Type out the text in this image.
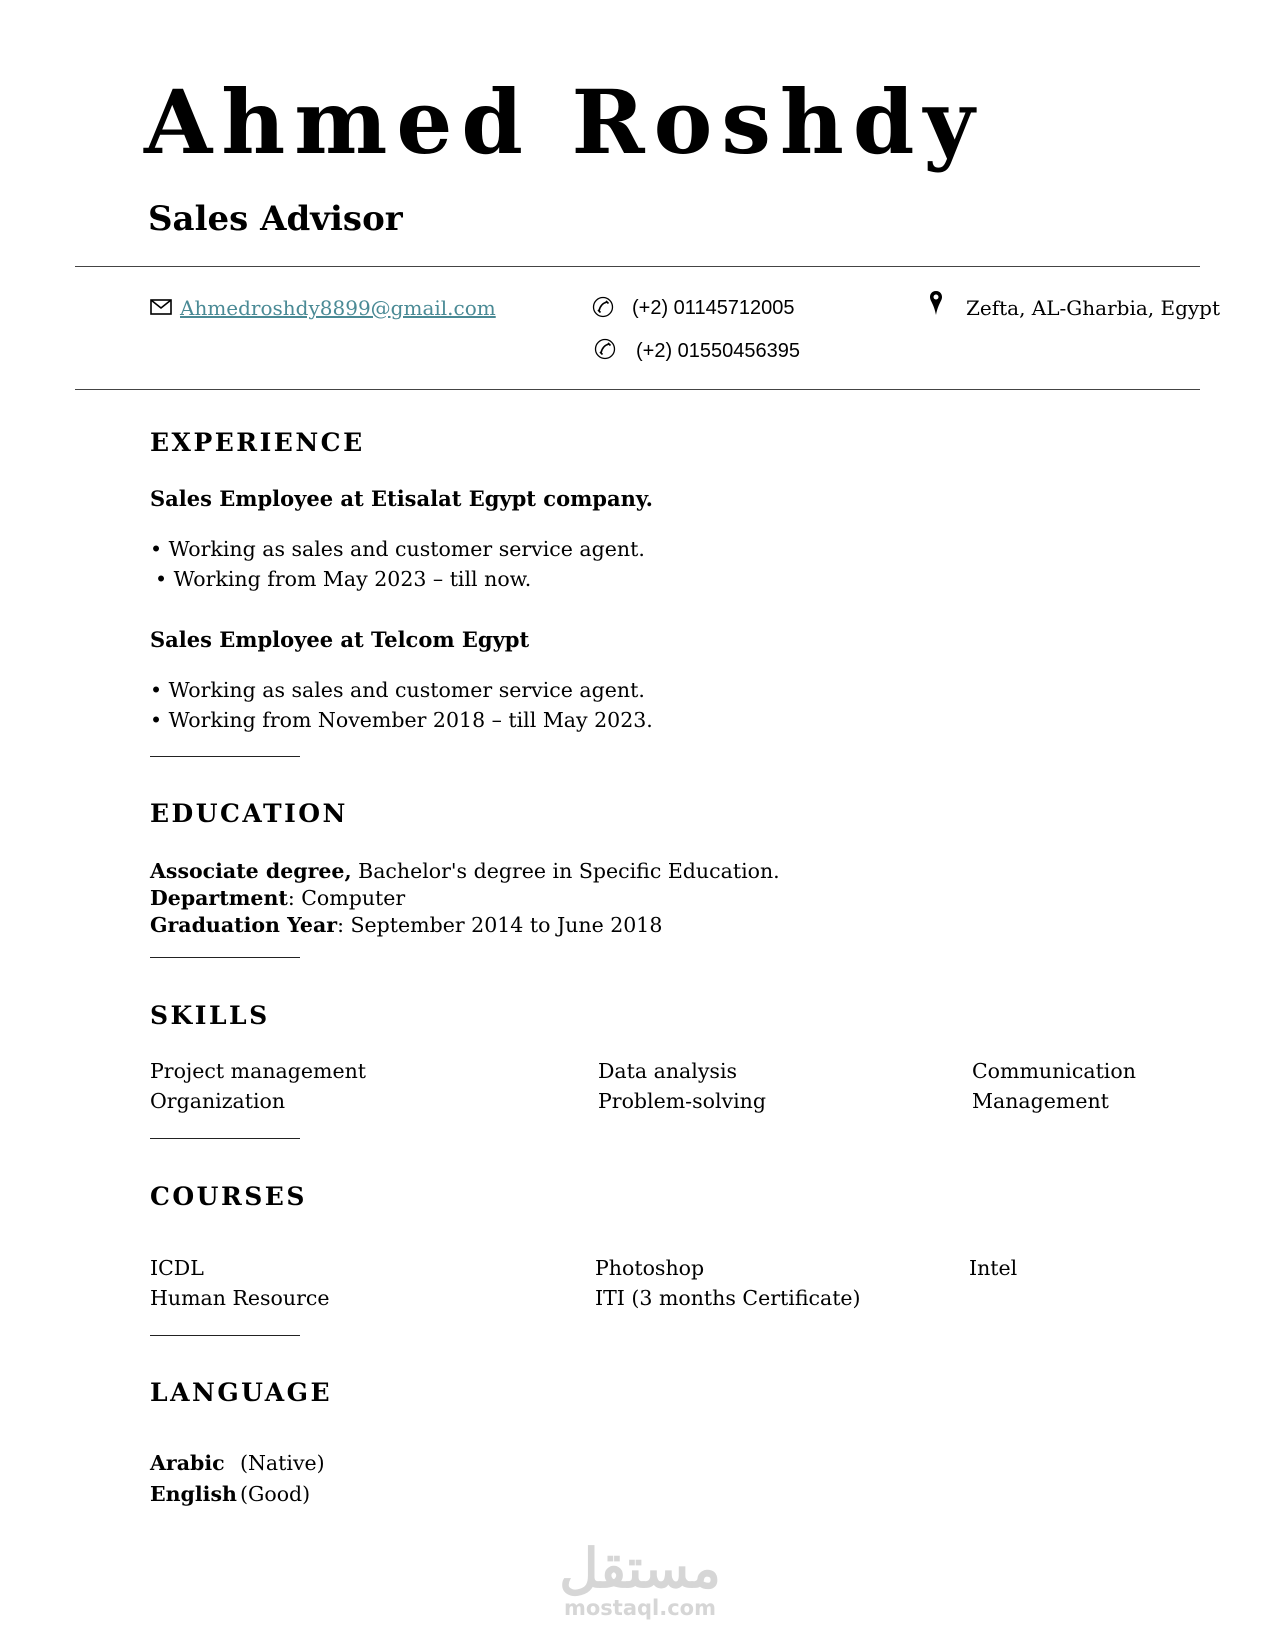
Ahmed Roshdy
Sales Advisor
Ahmedroshdy8899@gmail.com	(+2) 01145712005
(+2) 01550456395
Zefta, AL-Gharbia, Egypt
EXPERIENCE
Sales Employee at Etisalat Egypt company.
• Working as sales and customer service agent.
• Working from May 2023 – till now.
Sales Employee at Telcom Egypt
• Working as sales and customer service agent.
• Working from November 2018 – till May 2023.
EDUCATION
Associate degree, Bachelor's degree in Specific Education.
Department: Computer
Graduation Year: September 2014 to June 2018
SKILLS
Project management
Organization
Data analysis
Problem-solving
Communication
Management
COURSES
ICDL
Human Resource
Photoshop
ITI (3 months Certificate)
Intel
LANGUAGE
Arabic (Native)
English (Good)
مستقل
mostaql.com
